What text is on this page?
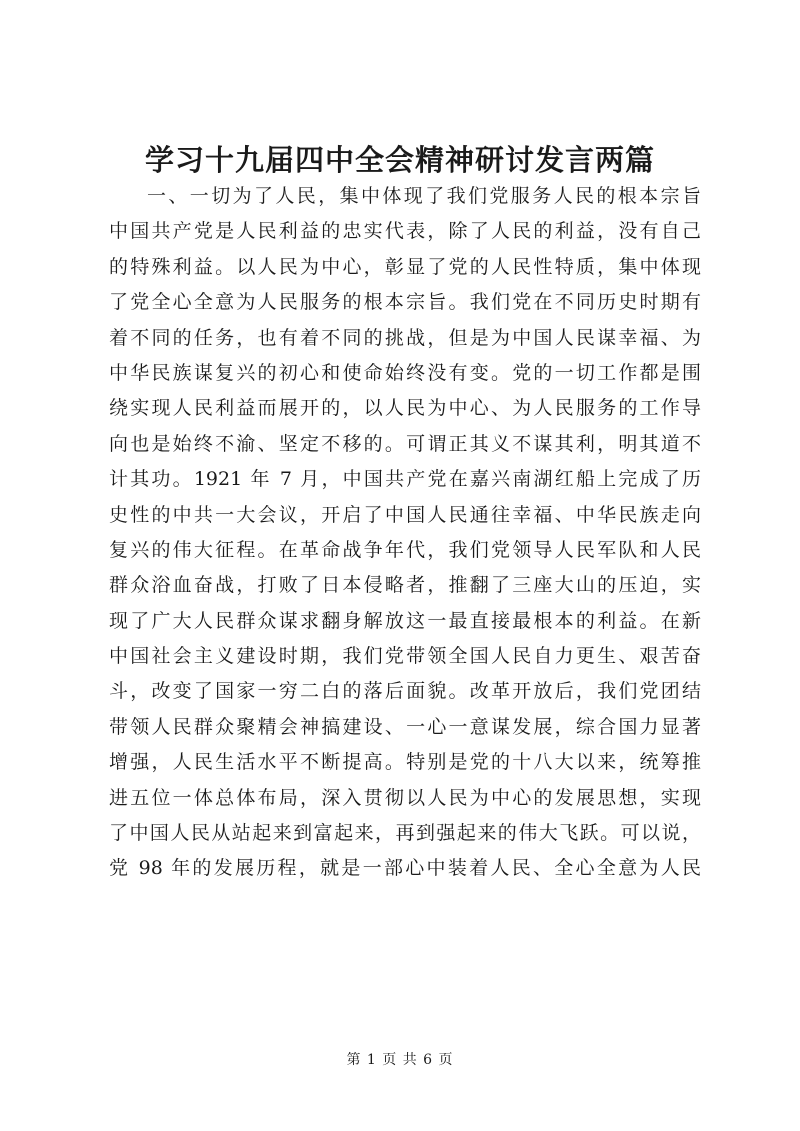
学习十九届四中全会精神研讨发言两篇
一、一切为了人民，集中体现了我们党服务人民的根本宗旨
中国共产党是人民利益的忠实代表，除了人民的利益，没有自己
的特殊利益。以人民为中心，彰显了党的人民性特质，集中体现
了党全心全意为人民服务的根本宗旨。我们党在不同历史时期有
着不同的任务，也有着不同的挑战，但是为中国人民谋幸福、为
中华民族谋复兴的初心和使命始终没有变。党的一切工作都是围
绕实现人民利益而展开的，以人民为中心、为人民服务的工作导
向也是始终不渝、坚定不移的。可谓正其义不谋其利，明其道不
计其功。1921 年 7 月，中国共产党在嘉兴南湖红船上完成了历
史性的中共一大会议，开启了中国人民通往幸福、中华民族走向
复兴的伟大征程。在革命战争年代，我们党领导人民军队和人民
群众浴血奋战，打败了日本侵略者，推翻了三座大山的压迫，实
现了广大人民群众谋求翻身解放这一最直接最根本的利益。在新
中国社会主义建设时期，我们党带领全国人民自力更生、艰苦奋
斗，改变了国家一穷二白的落后面貌。改革开放后，我们党团结
带领人民群众聚精会神搞建设、一心一意谋发展，综合国力显著
增强，人民生活水平不断提高。特别是党的十八大以来，统筹推
进五位一体总体布局，深入贯彻以人民为中心的发展思想，实现
了中国人民从站起来到富起来，再到强起来的伟大飞跃。可以说，
党 98 年的发展历程，就是一部心中装着人民、全心全意为人民
第 1 页 共 6 页
